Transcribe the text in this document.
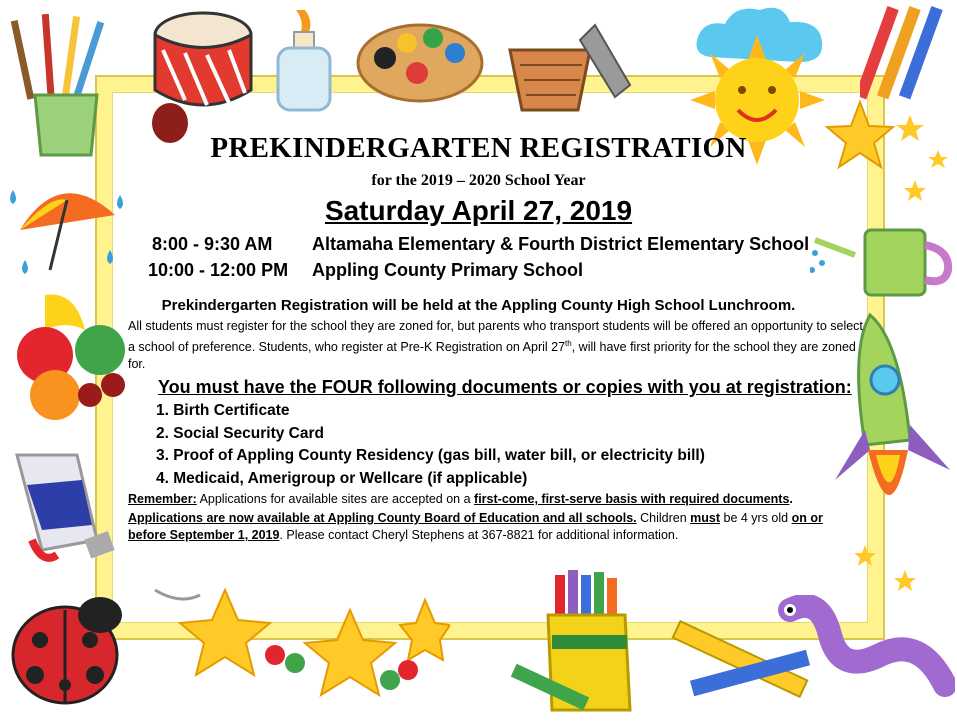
PREKINDERGARTEN REGISTRATION
for the 2019 – 2020 School Year
Saturday April 27, 2019
8:00 - 9:30 AM Altamaha Elementary & Fourth District Elementary School
10:00 - 12:00 PM Appling County Primary School
Prekindergarten Registration will be held at the Appling County High School Lunchroom.
All students must register for the school they are zoned for, but parents who transport students will be offered an opportunity to select a school of preference. Students, who register at Pre-K Registration on April 27th, will have first priority for the school they are zoned for.
You must have the FOUR following documents or copies with you at registration:
1. Birth Certificate
2. Social Security Card
3. Proof of Appling County Residency (gas bill, water bill, or electricity bill)
4. Medicaid, Amerigroup or Wellcare (if applicable)
Remember: Applications for available sites are accepted on a first-come, first-serve basis with required documents.
Applications are now available at Appling County Board of Education and all schools. Children must be 4 yrs old on or before September 1, 2019. Please contact Cheryl Stephens at 367-8821 for additional information.
